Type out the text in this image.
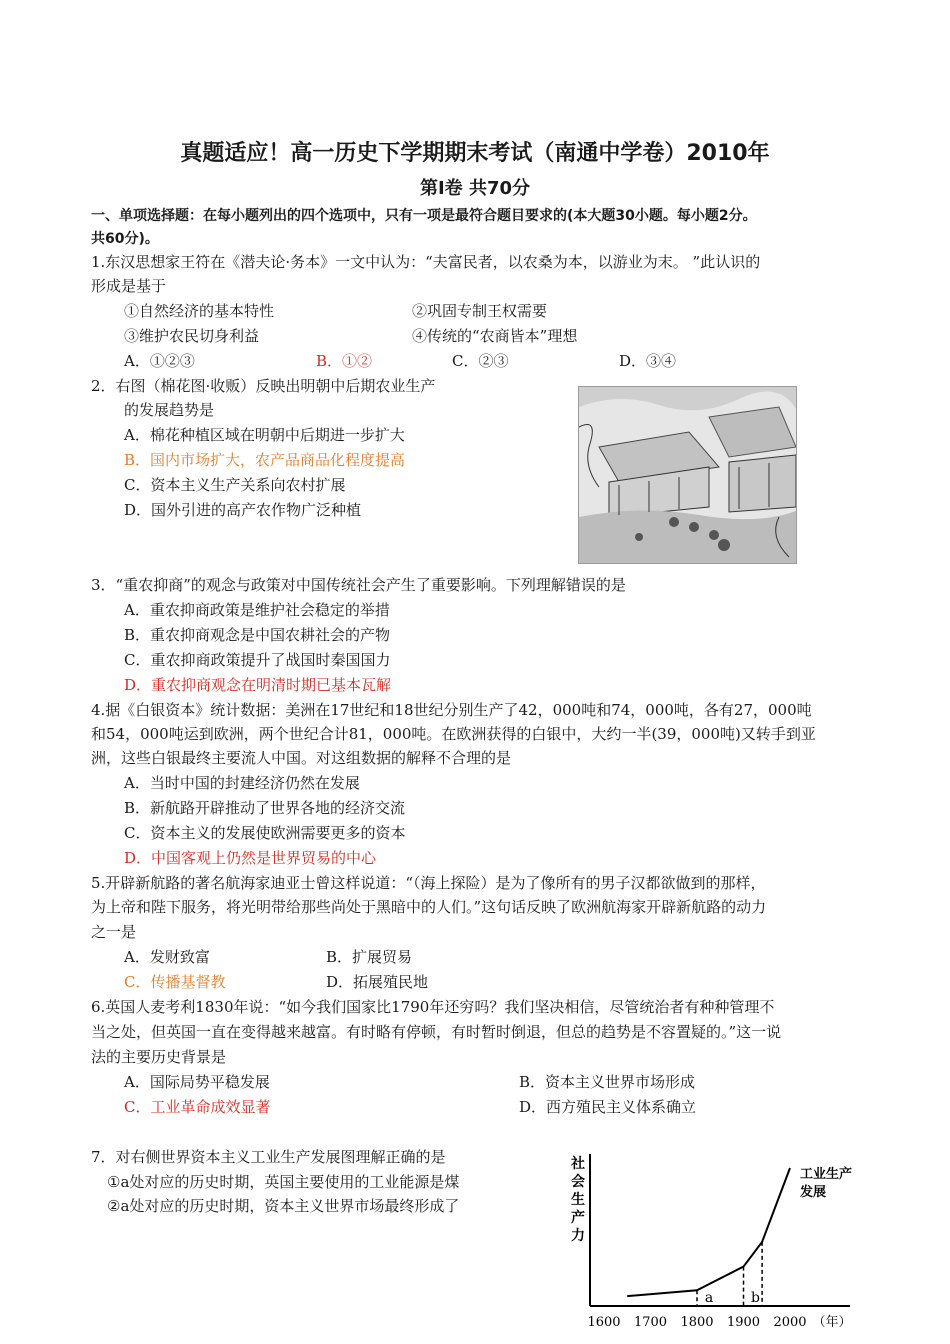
真题适应！高一历史下学期期末考试（南通中学卷）2010年
第I卷 共70分
一、单项选择题：在每小题列出的四个选项中，只有一项是最符合题目要求的(本大题30小题。每小题2分。
共60分)。
1.东汉思想家王符在《潜夫论·务本》一文中认为：“夫富民者，以农桑为本，以游业为末。 ”此认识的
形成是基于
①自然经济的基本特性	②巩固专制王权需要
③维护农民切身利益	④传统的“农商皆本”理想
A．①②③	B．①②	C．②③	D．③④
2．右图（棉花图·收贩）反映出明朝中后期农业生产
的发展趋势是
A．棉花种植区域在明朝中后期进一步扩大
B．国内市场扩大，农产品商品化程度提高
C．资本主义生产关系向农村扩展
D．国外引进的高产农作物广泛种植
3．“重农抑商”的观念与政策对中国传统社会产生了重要影响。下列理解错误的是
A．重农抑商政策是维护社会稳定的举措
B．重农抑商观念是中国农耕社会的产物
C．重农抑商政策提升了战国时秦国国力
D．重农抑商观念在明清时期已基本瓦解
4.据《白银资本》统计数据：美洲在17世纪和18世纪分别生产了42，000吨和74，000吨，各有27，000吨
和54，000吨运到欧洲，两个世纪合计81，000吨。在欧洲获得的白银中，大约一半(39，000吨)又转手到亚
洲，这些白银最终主要流人中国。对这组数据的解释不合理的是
A．当时中国的封建经济仍然在发展
B．新航路开辟推动了世界各地的经济交流
C．资本主义的发展使欧洲需要更多的资本
D．中国客观上仍然是世界贸易的中心
5.开辟新航路的著名航海家迪亚士曾这样说道：“（海上探险）是为了像所有的男子汉都欲做到的那样，
为上帝和陛下服务，将光明带给那些尚处于黑暗中的人们。”这句话反映了欧洲航海家开辟新航路的动力
之一是
A．发财致富	B．扩展贸易
C．传播基督教	D．拓展殖民地
6.英国人麦考利1830年说：“如今我们国家比1790年还穷吗？我们坚决相信，尽管统治者有种种管理不
当之处，但英国一直在变得越来越富。有时略有停顿，有时暂时倒退，但总的趋势是不容置疑的。”这一说
法的主要历史背景是
A．国际局势平稳发展	B．资本主义世界市场形成
C．工业革命成效显著	D．西方殖民主义体系确立
7．对右侧世界资本主义工业生产发展图理解正确的是
①a处对应的历史时期，英国主要使用的工业能源是煤
②a处对应的历史时期，资本主义世界市场最终形成了
社
会
生
产
力
工业生产
发展
a	b
1600 1700 1800 1900 2000 （年）
